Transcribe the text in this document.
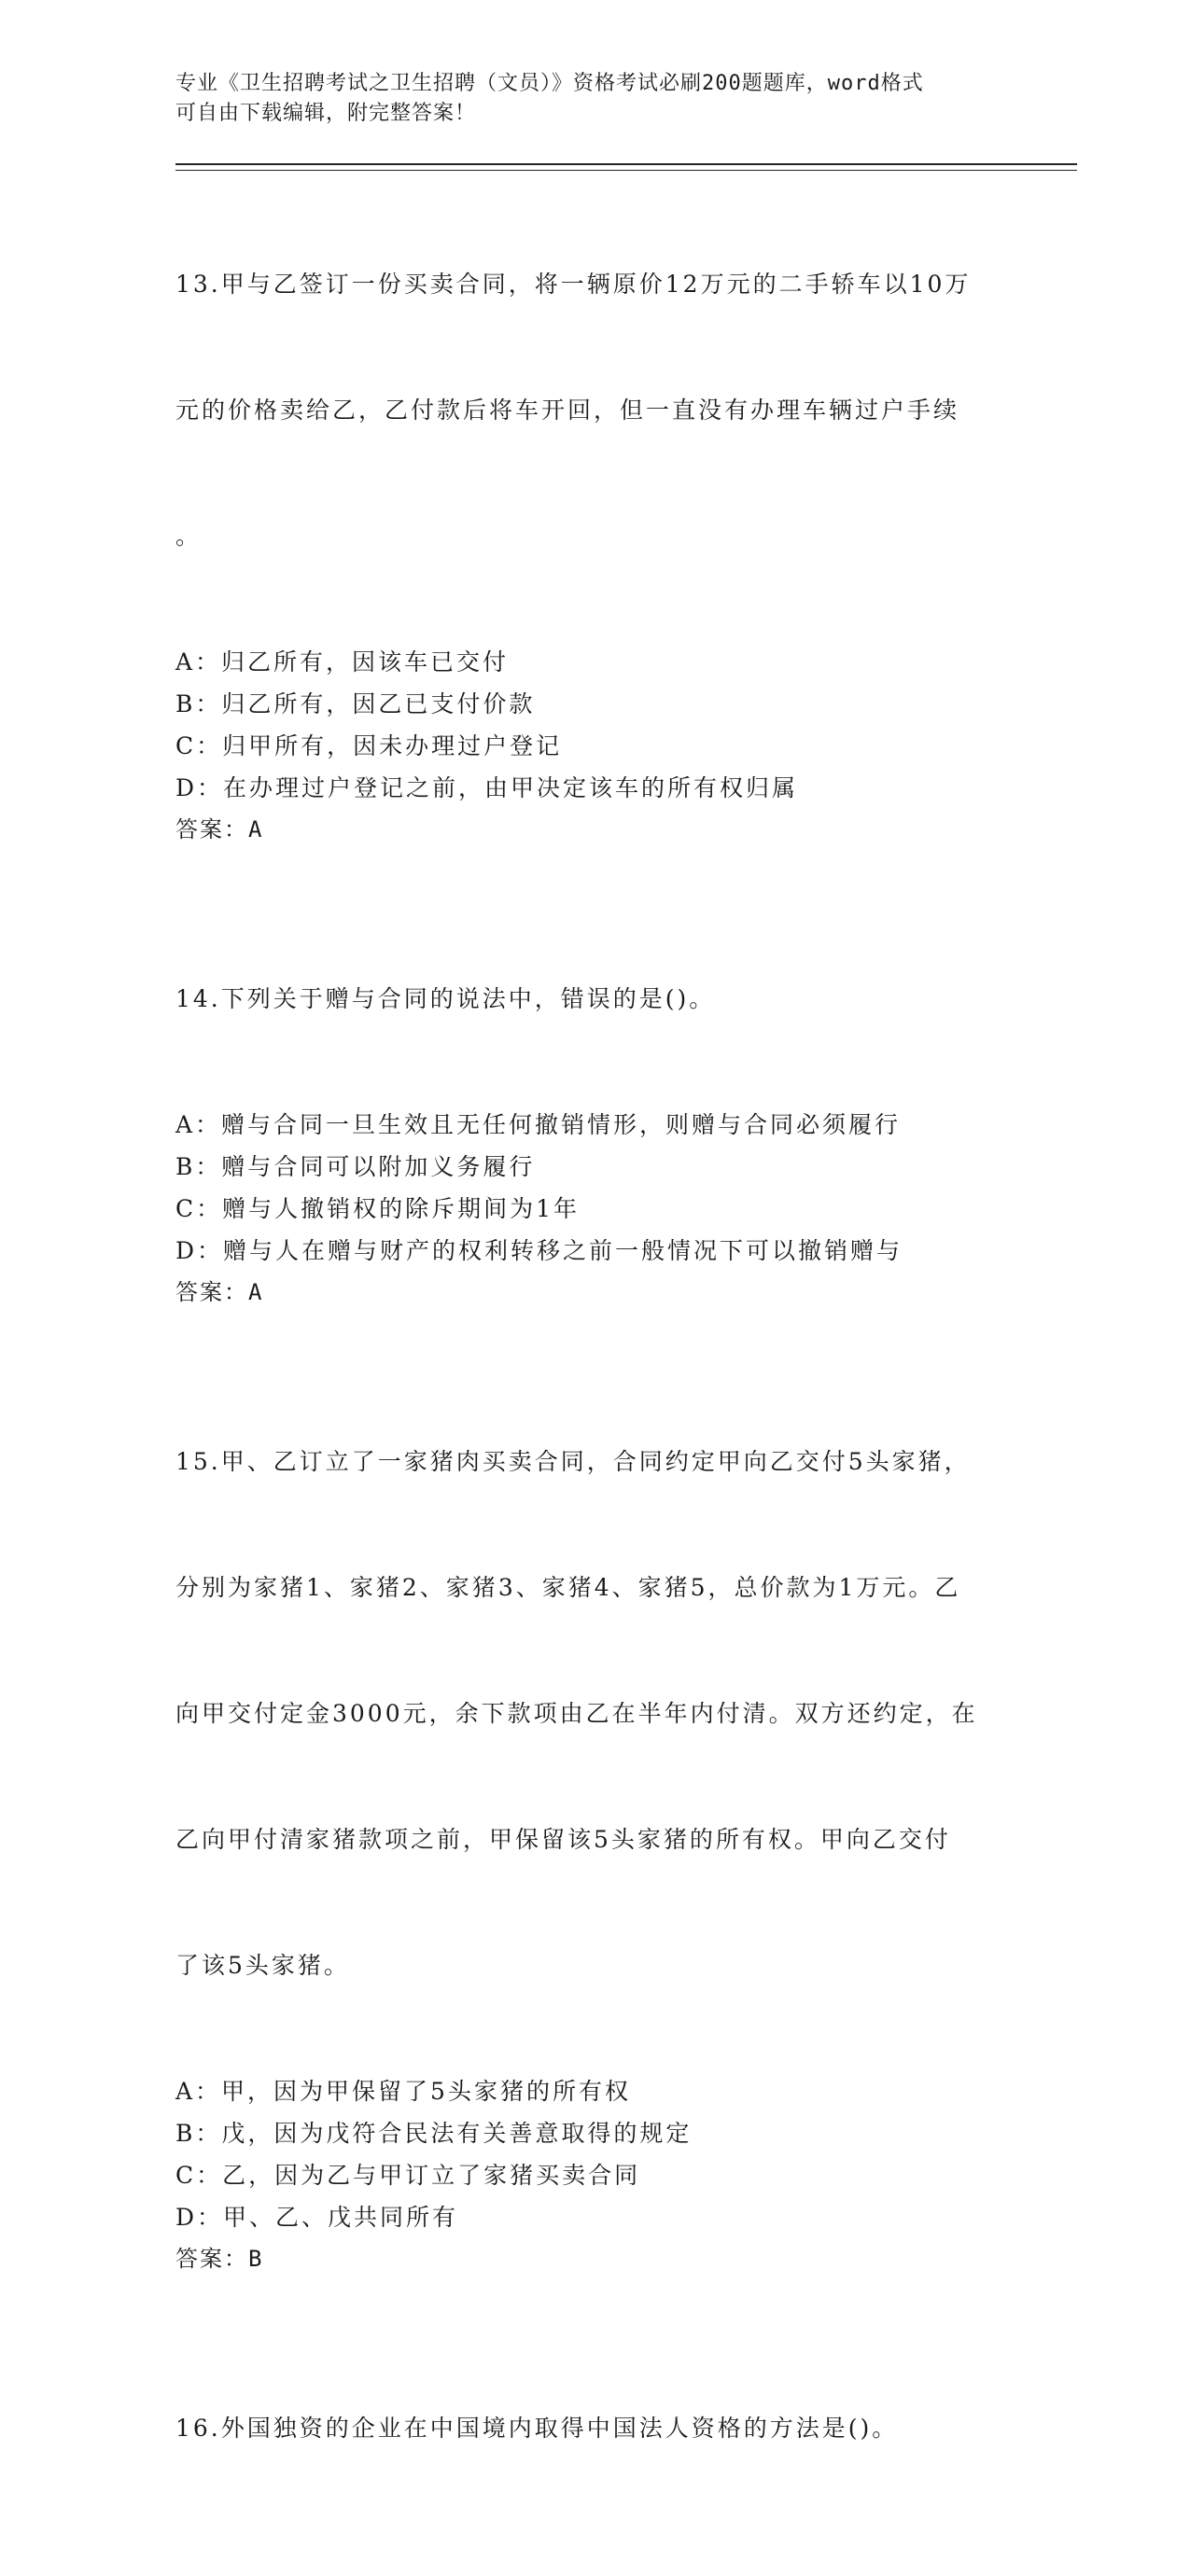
专业《卫生招聘考试之卫生招聘（文员）》资格考试必刷200题题库，word格式
可自由下载编辑，附完整答案！

13.甲与乙签订一份买卖合同，将一辆原价12万元的二手轿车以10万

元的价格卖给乙，乙付款后将车开回，但一直没有办理车辆过户手续

。

A：归乙所有，因该车已交付
B：归乙所有，因乙已支付价款
C：归甲所有，因未办理过户登记
D：在办理过户登记之前，由甲决定该车的所有权归属
答案：A

14.下列关于赠与合同的说法中，错误的是()。

A：赠与合同一旦生效且无任何撤销情形，则赠与合同必须履行
B：赠与合同可以附加义务履行
C：赠与人撤销权的除斥期间为1年
D：赠与人在赠与财产的权利转移之前一般情况下可以撤销赠与
答案：A

15.甲、乙订立了一家猪肉买卖合同，合同约定甲向乙交付5头家猪，

分别为家猪1、家猪2、家猪3、家猪4、家猪5，总价款为1万元。乙

向甲交付定金3000元，余下款项由乙在半年内付清。双方还约定，在

乙向甲付清家猪款项之前，甲保留该5头家猪的所有权。甲向乙交付

了该5头家猪。

A：甲，因为甲保留了5头家猪的所有权
B：戊，因为戊符合民法有关善意取得的规定
C：乙，因为乙与甲订立了家猪买卖合同
D：甲、乙、戊共同所有
答案：B

16.外国独资的企业在中国境内取得中国法人资格的方法是()。
